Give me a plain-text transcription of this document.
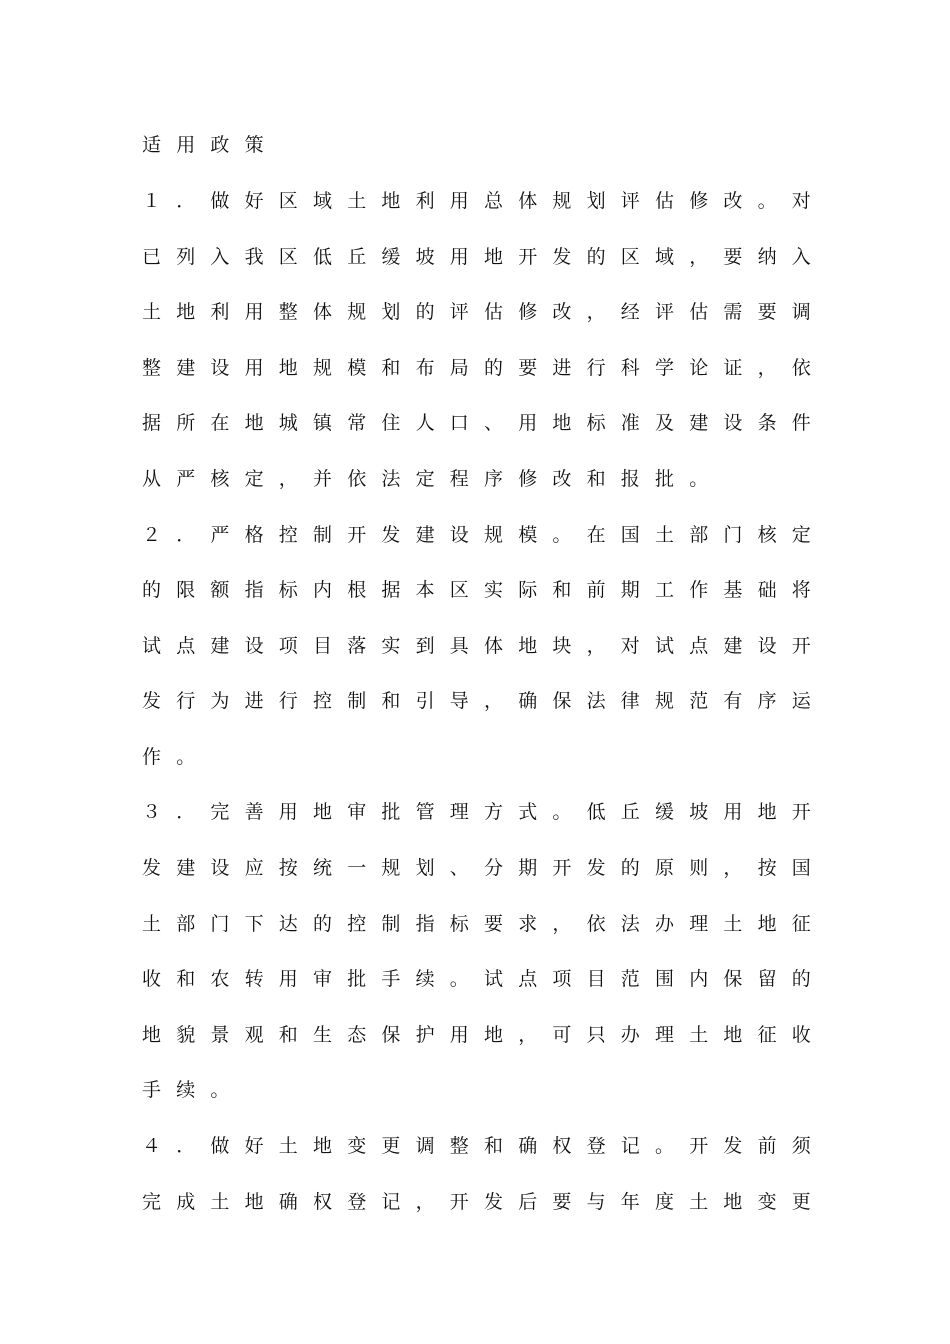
适用政策
１．做好区域土地利用总体规划评估修改。对
已列入我区低丘缓坡用地开发的区域，要纳入
土地利用整体规划的评估修改，经评估需要调
整建设用地规模和布局的要进行科学论证，依
据所在地城镇常住人口、用地标准及建设条件
从严核定，并依法定程序修改和报批。
２．严格控制开发建设规模。在国土部门核定
的限额指标内根据本区实际和前期工作基础将
试点建设项目落实到具体地块，对试点建设开
发行为进行控制和引导，确保法律规范有序运
作。
３．完善用地审批管理方式。低丘缓坡用地开
发建设应按统一规划、分期开发的原则，按国
土部门下达的控制指标要求，依法办理土地征
收和农转用审批手续。试点项目范围内保留的
地貌景观和生态保护用地，可只办理土地征收
手续。
４．做好土地变更调整和确权登记。开发前须
完成土地确权登记，开发后要与年度土地变更
